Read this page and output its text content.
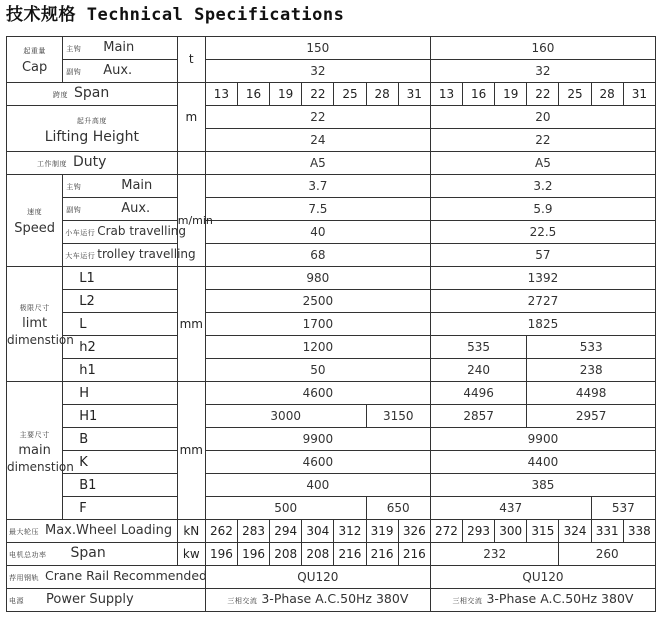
技术规格 Technical Specifications
起重量
Cap	主钩 Main	t	150							160						
	副钩 Aux.		32							32						
跨度 Span		m	13	16	19	22	25	28	31	13	16	19	22	25	28	31

起升高度
Lifting Height			22							20						
			24							22						
工作制度 Duty			A5							A5						

速度
Speed	主钩 Main	m/min	3.7							3.2						
	副钩 Aux.		7.5							5.9						
	小车运行 Crab travelling		40							22.5						
	大车运行 trolley travelling		68							57						

极限尺寸
limt
dimenstion	L1	mm	980							1392						
	L2		2500							2727						
	L		1700							1825						
	h2		1200							535			533			
	h1		50							240			238			

主要尺寸
main
dimenstion	H	mm	4600							4496			4498			
	H1		3000					3150		2857			2957			
	B		9900							9900						
	K		4600							4400						
	B1		400							385						
	F		500					650		437					537	
最大轮压 Max.Wheel Loading		kN	262	283	294	304	312	319	326	272	293	300	315	324	331	338
电机总功率 Span		kw	196	196	208	208	216	216	216	232				260		
荐用钢轨 Crane Rail Recommended			QU120							QU120						
电源 Power Supply			三相交流 3-Phase A.C.50Hz 380V							三相交流 3-Phase A.C.50Hz 380V						
